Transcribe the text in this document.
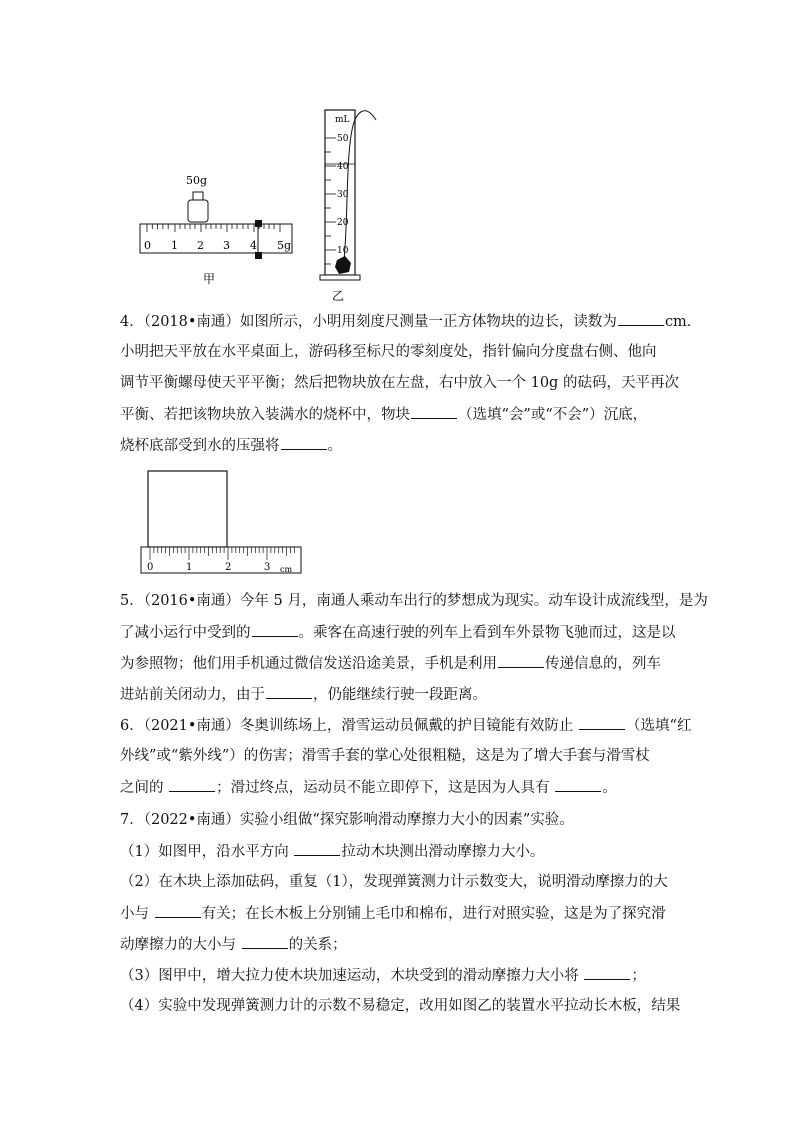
50g
0 1 2 3 4 5g
甲
mL
50
40
30
20
10
乙
4．（2018•南通）如图所示，小明用刻度尺测量一正方体物块的边长，读数为	cm．
小明把天平放在水平桌面上，游码移至标尺的零刻度处，指针偏向分度盘右侧、他向
调节平衡螺母使天平平衡；然后把物块放在左盘，右中放入一个 10g 的砝码，天平再次
平衡、若把该物块放入装满水的烧杯中，物块	（选填“会”或“不会”）沉底，
烧杯底部受到水的压强将	。
0	1	2	3 cm
5．（2016•南通）今年 5 月，南通人乘动车出行的梦想成为现实。动车设计成流线型，是为
了减小运行中受到的	。乘客在高速行驶的列车上看到车外景物飞驰而过，这是以
为参照物；他们用手机通过微信发送沿途美景，手机是利用	传递信息的，列车
进站前关闭动力，由于	，仍能继续行驶一段距离。
6．（2021•南通）冬奥训练场上，滑雪运动员佩戴的护目镜能有效防止	（选填“红
外线”或“紫外线”）的伤害；滑雪手套的掌心处很粗糙，这是为了增大手套与滑雪杖
之间的	；滑过终点，运动员不能立即停下，这是因为人具有	。
7．（2022•南通）实验小组做“探究影响滑动摩擦力大小的因素”实验。
（1）如图甲，沿水平方向	拉动木块测出滑动摩擦力大小。
（2）在木块上添加砝码，重复（1），发现弹簧测力计示数变大，说明滑动摩擦力的大
小与	有关；在长木板上分别铺上毛巾和棉布，进行对照实验，这是为了探究滑
动摩擦力的大小与	的关系；
（3）图甲中，增大拉力使木块加速运动，木块受到的滑动摩擦力大小将	；
（4）实验中发现弹簧测力计的示数不易稳定，改用如图乙的装置水平拉动长木板，结果
